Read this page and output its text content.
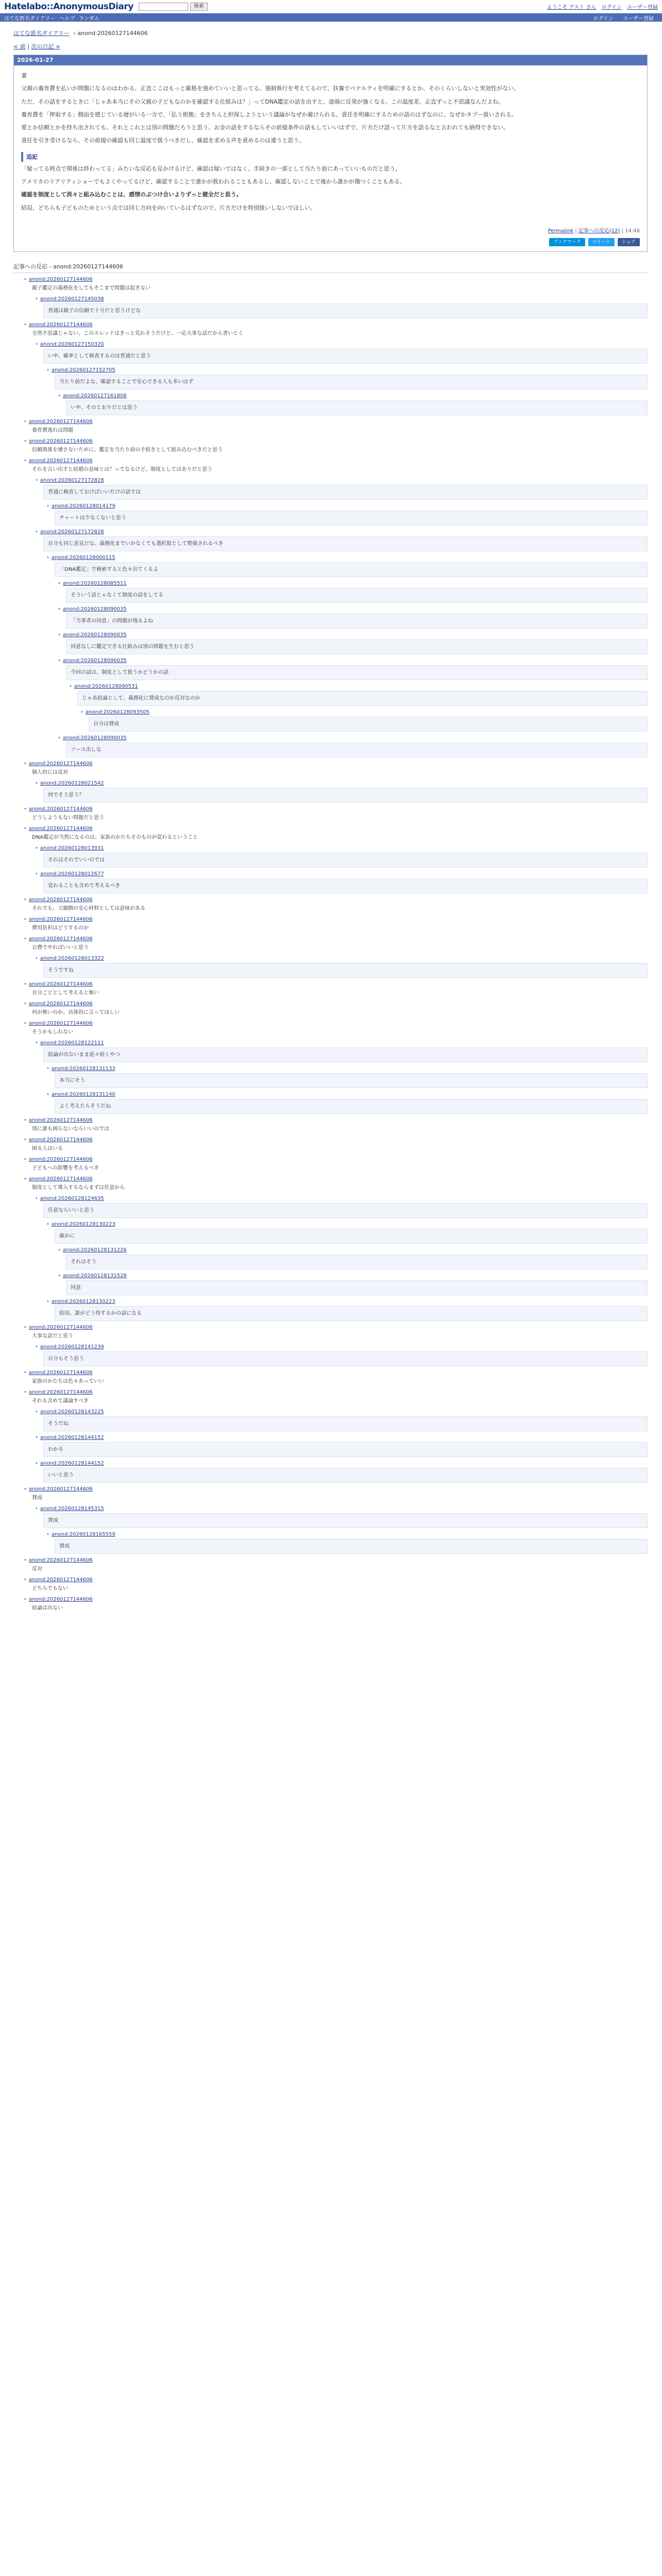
Hatelabo::AnonymousDiary	検索	ようこそ ゲスト さん ログイン ユーザー登録
はてな匿名ダイアリー ヘルプ ランダム	ログイン ユーザー登録
はてな匿名ダイアリー › anond:20260127144606
< 前 | 次の日記 >
2026-01-27

妻

父親の養育費を払いが問題になるのはわかる。正直ここはもっと厳格を強めていいと思ってる。強制執行を考えてるので、扶養でペナルティを明確にするとか、そのくらいしないと実効性がない。

ただ、その話をするときに「じゃあ本当にその父親の子どもなのかを確認する仕組みは？」ってDNA鑑定の話を出すと、途端に反発が強くなる。この温度差、正直ずっと不思議なんだよね。

養育費を「搾取する」側面を感じている層がいる一方で、「払う根拠」をきちんと担保しようという議論がなぜか避けられる。責任を明確にするための話のはずなのに、なぜかタブー扱いされる。

愛とか信頼とかを持ち出されても、それとこれとは別の問題だろうと思う。お金の話をするならその前提条件の話もしていいはずで、片方だけ語って片方を語るなと言われても納得できない。

責任を引き受けるなら、その前提の確認も同じ温度で扱うべきだし、確認を求める声を責めるのは違うと思う。

追記

「疑ってる時点で関係は終わってる」みたいな反応も見かけるけど、確認は疑いではなく、手続きの一部として当たり前にあっていいものだと思う。

アメリカのリアリティショーでもよくやってるけど、確認することで誰かが救われることもあるし、確認しないことで後から誰かが傷つくこともある。

確認を制度として淡々と組み込むことは、感情のぶつけ合いよりずっと健全だと思う。

結局、どちらも子どものためという点では同じ方向を向いているはずなので、片方だけを特別扱いしないでほしい。

Permalink | 記事への反応(12) | 14:46
ブックマーク	ツイート	シェア
記事への反応 - anond:20260127144606
• anond:20260127144606
親子鑑定の義務化をしてもそこまで問題は起きない
• anond:20260127145038
普通は親子の信頼で十分だと思うけどな
• anond:20260127144606
全然不思議じゃない。このスレッドはきっと荒れそうだけど、一応大事な話だから書いとく
• anond:20260127150320
いや、確率として検査するのは普通だと思う
• anond:20260127152705
当たり前だよな、確認することで安心できる人も多いはず
• anond:20260127161808
いや、そのとおりだとは思う
• anond:20260127144606
養育費逃れは問題
• anond:20260127144606
信頼関係を壊さないために、鑑定を当たり前の手続きとして組み込むべきだと思う
• anond:20260127144606
それを言い出すと結婚の意味とは？ってなるけど、制度としてはありだと思う
• anond:20260127172828
普通に検査しておけばいいだけの話では
• anond:20260128014179
チャートは少なくないと思う
• anond:20260127172828
自分も同じ意見だな。義務化までいかなくても選択肢として整備されるべき
• anond:20260128000115
「DNA鑑定」で検索すると色々出てくるよ
• anond:20260128085511
そういう話じゃなくて制度の話をしてる
• anond:20260128090035
「当事者の同意」の問題が残るよね
• anond:20260128090035
同意なしに鑑定できる仕組みは別の問題を生むと思う
• anond:20260128090035
今回の話は、制度として扱うかどうかの話
• anond:20260128090531
じゃあ結論として、義務化に賛成なのか反対なのか
• anond:20260128093505
自分は賛成
• anond:20260128090035
ソース出しな
• anond:20260127144606
個人的には反対
• anond:20260128021542
何でそう思う？
• anond:20260127144606
どうしようもない問題だと思う
• anond:20260127144606
DNA鑑定が当然になるのは、家族のかたちそのものが変わるということ
• anond:20260128013931
それはそれでいいのでは
• anond:20260128012677
変わることも含めて考えるべき
• anond:20260127144606
それでも、父親側の安心材料としては意味がある
• anond:20260127144606
費用負担はどうするのか
• anond:20260127144606
公費でやればいいと思う
• anond:20260128013322
そうですね
• anond:20260127144606
自分ごととして考えると怖い
• anond:20260127144606
何が怖いのか、具体的に言ってほしい
• anond:20260127144606
そうかもしれない
• anond:20260128122111
結論が出ないまま延々続くやつ
• anond:20260128131133
本当にそう
• anond:20260128131140
よく考えたらそうだね
• anond:20260127144606
別に誰も困らないならいいのでは
• anond:20260127144606
困る人はいる
• anond:20260127144606
子どもへの影響を考えるべき
• anond:20260127144606
制度として導入するならまずは任意から
• anond:20260128124635
任意ならいいと思う
• anond:20260128130223
確かに
• anond:20260128131226
それはそう
• anond:20260128131528
同意
• anond:20260128130223
結局、誰がどう得するかの話になる
• anond:20260127144606
大事な話だと思う
• anond:20260128141239
自分もそう思う
• anond:20260127144606
家族のかたちは色々あっていい
• anond:20260127144606
それも含めて議論すべき
• anond:20260128143225
そうだね
• anond:20260128144152
わかる
• anond:20260128144152
いいと思う
• anond:20260127144606
賛成
• anond:20260128145315
賛成
• anond:20260128165559
賛成
• anond:20260127144606
反対
• anond:20260127144606
どちらでもない
• anond:20260127144606
結論は出ない
